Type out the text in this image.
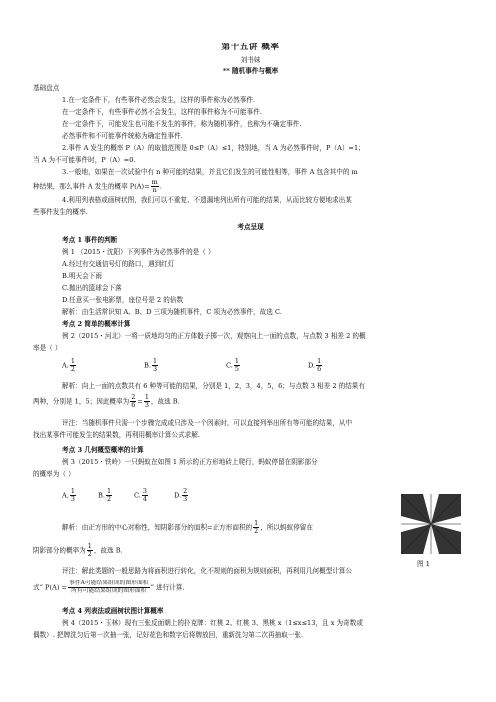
第十五讲 概率
刘书妹
** 随机事件与概率
基础盘点
1.在一定条件下，有些事件必然会发生，这样的事件称为必然事件.
在一定条件下，有些事件必然不会发生，这样的事件称为不可能事件.
在一定条件下，可能发生也可能不发生的事件，称为随机事件，也称为不确定事件.
必然事件和不可能事件统称为确定性事件.
2.事件 A 发生的概率 P（A）的取值范围是 0≤P（A）≤1，特别地，当 A 为必然事件时，P（A）=1；
当 A 为不可能事件时，P（A）=0.
3.一般地，如果在一次试验中有 n 种可能的结果，并且它们发生的可能性相等，事件 A 包含其中的 m
种结果，那么事件 A 发生的概率 $P(A)= \frac{m}{n}$ .
4.利用列表格或画树状图，我们可以不重复、不遗漏地列出所有可能的结果，从而比较方便地求出某
些事件发生的概率.
考点呈现
考点 1 事件的判断
例 1 （2015・沈阳）下列事件为必然事件的是（ ）
A.经过有交通信号灯的路口，遇到红灯
B.明天会下雨
C.抛出的篮球会下落
D.任意买一张电影票，座位号是 2 的倍数
解析：由生活常识知 A、B、D 三项为随机事件，C 项为必然事件，故选 C.
考点 2 简单的概率计算
例 2（2015・河北）一将一质地均匀的正方体骰子掷一次，观察向上一面的点数，与点数 3 相差 2 的概
率是（ ）
A. $\frac{1}{2}$	B. $\frac{1}{3}$	C. $\frac{1}{5}$	D. $\frac{1}{6}$
解析：向上一面的点数共有 6 种等可能的结果，分别是 1，2，3，4，5，6；与点数 3 相差 2 的结果有
两种，分别是 1，5；因此概率为 $\frac{2}{6} = \frac{1}{3}$ ，故选 B.
评注：当随机事件只需一个步骤完成或只涉及一个因素时，可以直接列举出所有等可能的结果，从中
找出某事件可能发生的结果数，再利用概率计算公式求解.
考点 3 几何概型概率的计算
例 3（2015・铁岭）一只蚂蚁在如图 1 所示的正方形地砖上爬行，蚂蚁停留在阴影部分
的概率为（ ）
A. $\frac{1}{3}$	B. $\frac{1}{2}$	C. $\frac{3}{4}$	D. $\frac{2}{3}$
图 1
解析：由正方形的中心对称性，知阴影部分的面积=正方形面积的 $\frac{1}{2}$ ，所以蚂蚁停留在
阴影部分的概率为 $\frac{1}{2}$ ，故选 B.
评注：解此类题的一般思路为将面积进行转化，化不规则的面积为规则面积，再利用几何概型计算公
式“ $P(A) = \frac{\text{事件A可能结果组成的图形面积}}{\text{所有可能结果组成的图形面积}}$ ” 进行计算.
考点 4 列表法或画树状图计算概率
例 4（2015・玉林）现有三张反面朝上的扑克牌：红桃 2、红桃 3、黑桃 x（1≤x≤13，且 x 为奇数或
偶数）. 把牌洗匀后第一次抽一张，记好花色和数字后将牌放回，重新洗匀第二次再抽取一张.
